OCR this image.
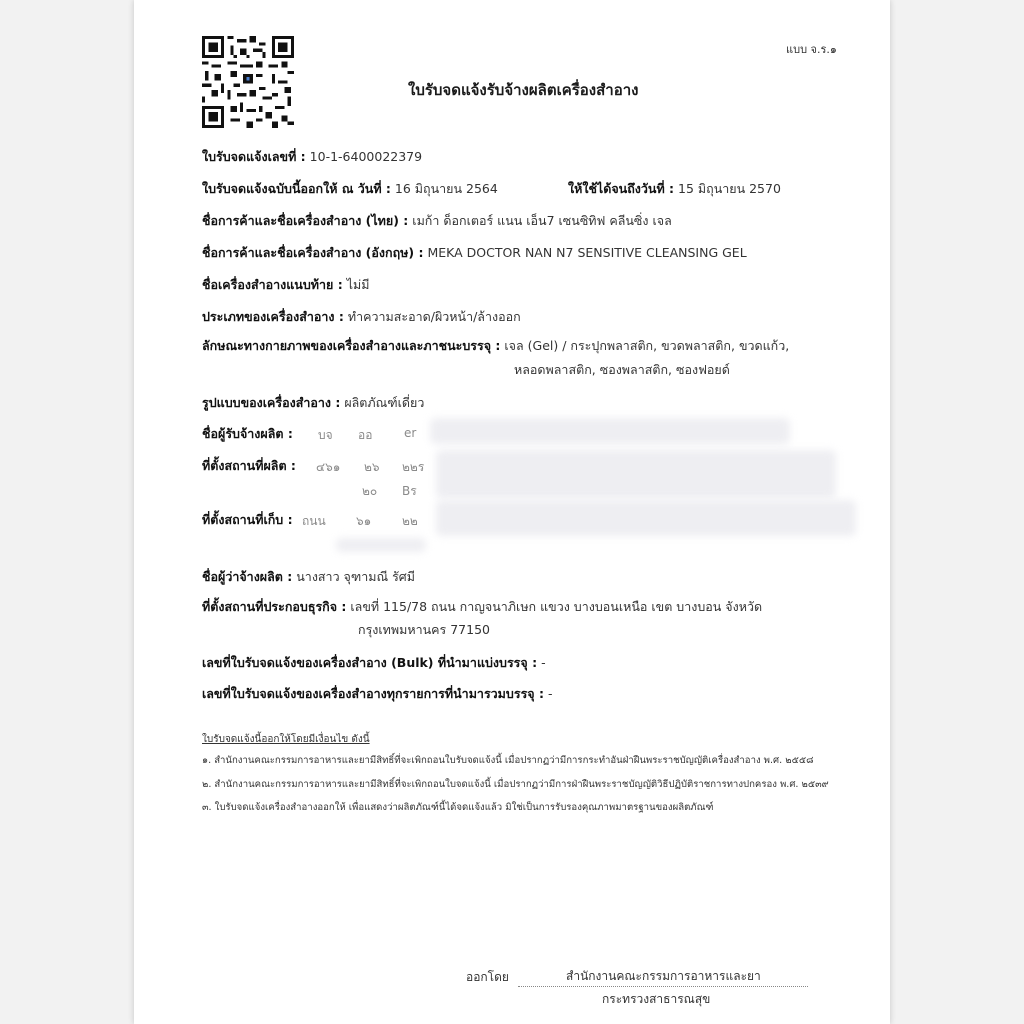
แบบ จ.ร.๑
ใบรับจดแจ้งรับจ้างผลิตเครื่องสำอาง
ใบรับจดแจ้งเลขที่ : 10-1-6400022379
ใบรับจดแจ้งฉบับนี้ออกให้ ณ วันที่ : 16 มิถุนายน 2564	ให้ใช้ได้จนถึงวันที่ : 15 มิถุนายน 2570
ชื่อการค้าและชื่อเครื่องสำอาง (ไทย) : เมก้า ด็อกเตอร์ แนน เอ็น7 เซนซิทิฟ คลีนซิ่ง เจล
ชื่อการค้าและชื่อเครื่องสำอาง (อังกฤษ) : MEKA DOCTOR NAN N7 SENSITIVE CLEANSING GEL
ชื่อเครื่องสำอางแนบท้าย : ไม่มี
ประเภทของเครื่องสำอาง : ทำความสะอาด/ผิวหน้า/ล้างออก
ลักษณะทางกายภาพของเครื่องสำอางและภาชนะบรรจุ : เจล (Gel) / กระปุกพลาสติก, ขวดพลาสติก, ขวดแก้ว,
หลอดพลาสติก, ซองพลาสติก, ซองฟอยด์
รูปแบบของเครื่องสำอาง : ผลิตภัณฑ์เดี่ยว
ชื่อผู้รับจ้างผลิต : บจ ออ	er
ที่ตั้งสถานที่ผลิต : ๔๖๑ ๒๖ ๒๒ร
๒๐ Bร
ที่ตั้งสถานที่เก็บ : ถนน	๖๑	๒๒
ชื่อผู้ว่าจ้างผลิต : นางสาว จุฑามณี รัศมี
ที่ตั้งสถานที่ประกอบธุรกิจ : เลขที่ 115/78 ถนน กาญจนาภิเษก แขวง บางบอนเหนือ เขต บางบอน จังหวัด
กรุงเทพมหานคร 77150
เลขที่ใบรับจดแจ้งของเครื่องสำอาง (Bulk) ที่นำมาแบ่งบรรจุ : -
เลขที่ใบรับจดแจ้งของเครื่องสำอางทุกรายการที่นำมารวมบรรจุ : -
ใบรับจดแจ้งนี้ออกให้โดยมีเงื่อนไข ดังนี้
๑. สำนักงานคณะกรรมการอาหารและยามีสิทธิ์ที่จะเพิกถอนใบรับจดแจ้งนี้ เมื่อปรากฏว่ามีการกระทำอันฝ่าฝืนพระราชบัญญัติเครื่องสำอาง พ.ศ. ๒๕๕๘
๒. สำนักงานคณะกรรมการอาหารและยามีสิทธิ์ที่จะเพิกถอนใบจดแจ้งนี้ เมื่อปรากฏว่ามีการฝ่าฝืนพระราชบัญญัติวิธีปฏิบัติราชการทางปกครอง พ.ศ. ๒๕๓๙
๓. ใบรับจดแจ้งเครื่องสำอางออกให้ เพื่อแสดงว่าผลิตภัณฑ์นี้ได้จดแจ้งแล้ว มิใช่เป็นการรับรองคุณภาพมาตรฐานของผลิตภัณฑ์
ออกโดย	สำนักงานคณะกรรมการอาหารและยา
กระทรวงสาธารณสุข
